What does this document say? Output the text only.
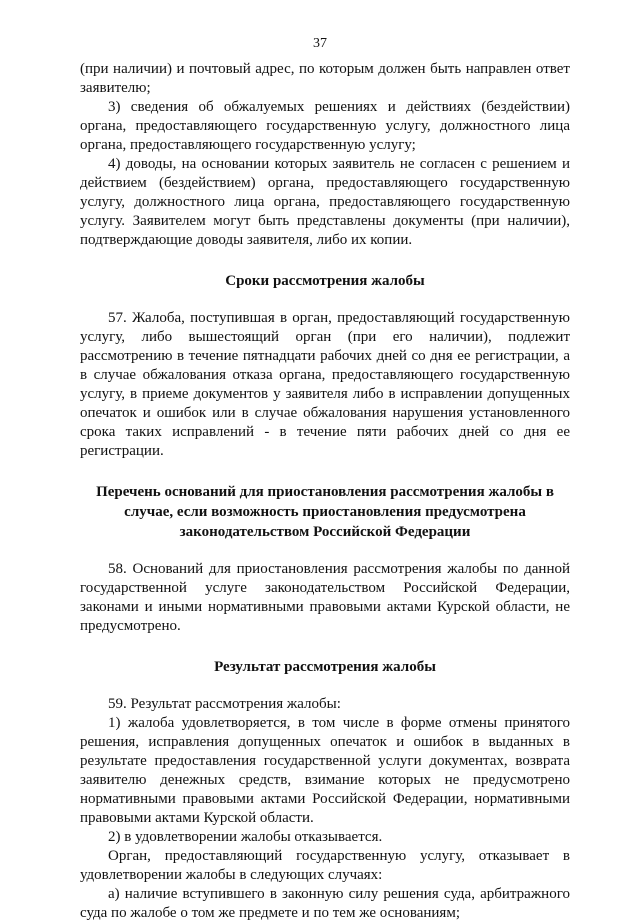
37

(при наличии) и почтовый адрес, по которым должен быть направлен ответ заявителю;

3) сведения об обжалуемых решениях и действиях (бездействии) органа, предоставляющего государственную услугу, должностного лица органа, предоставляющего государственную услугу;

4) доводы, на основании которых заявитель не согласен с решением и действием (бездействием) органа, предоставляющего государственную услугу, должностного лица органа, предоставляющего государственную услугу. Заявителем могут быть представлены документы (при наличии), подтверждающие доводы заявителя, либо их копии.

Сроки рассмотрения жалобы

57. Жалоба, поступившая в орган, предоставляющий государственную услугу, либо вышестоящий орган (при его наличии), подлежит рассмотрению в течение пятнадцати рабочих дней со дня ее регистрации, а в случае обжалования отказа органа, предоставляющего государственную услугу, в приеме документов у заявителя либо в исправлении допущенных опечаток и ошибок или в случае обжалования нарушения установленного срока таких исправлений - в течение пяти рабочих дней со дня ее регистрации.

Перечень оснований для приостановления рассмотрения жалобы в случае, если возможность приостановления предусмотрена законодательством Российской Федерации

58. Оснований для приостановления рассмотрения жалобы по данной государственной услуге законодательством Российской Федерации, законами и иными нормативными правовыми актами Курской области, не предусмотрено.

Результат рассмотрения жалобы

59. Результат рассмотрения жалобы:

1) жалоба удовлетворяется, в том числе в форме отмены принятого решения, исправления допущенных опечаток и ошибок в выданных в результате предоставления государственной услуги документах, возврата заявителю денежных средств, взимание которых не предусмотрено нормативными правовыми актами Российской Федерации, нормативными правовыми актами Курской области.

2) в удовлетворении жалобы отказывается.

Орган, предоставляющий государственную услугу, отказывает в удовлетворении жалобы в следующих случаях:

а) наличие вступившего в законную силу решения суда, арбитражного суда по жалобе о том же предмете и по тем же основаниям;
